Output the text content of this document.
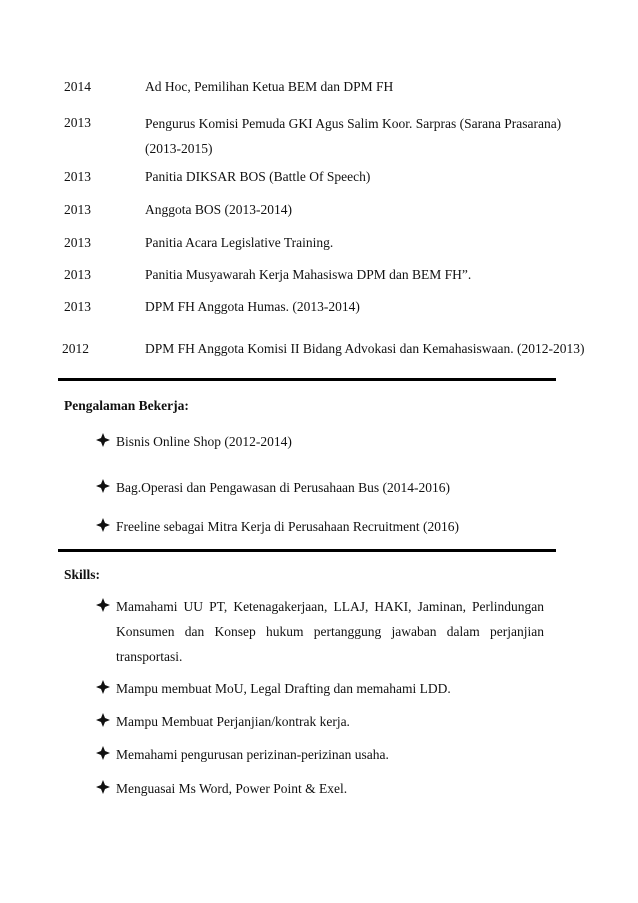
2014	Ad Hoc, Pemilihan Ketua BEM dan DPM FH
2013	Pengurus Komisi Pemuda GKI Agus Salim Koor. Sarpras (Sarana Prasarana) (2013-2015)
2013	Panitia DIKSAR BOS (Battle Of Speech)
2013	Anggota BOS (2013-2014)
2013	Panitia Acara Legislative Training.
2013	Panitia Musyawarah Kerja Mahasiswa DPM dan BEM FH”.
2013	DPM FH Anggota Humas. (2013-2014)
2012	DPM FH Anggota Komisi II Bidang Advokasi dan Kemahasiswaan. (2012-2013)
Pengalaman Bekerja:
Bisnis Online Shop (2012-2014)
Bag.Operasi dan Pengawasan di Perusahaan Bus (2014-2016)
Freeline sebagai Mitra Kerja di Perusahaan Recruitment (2016)
Skills:
Mamahami UU PT, Ketenagakerjaan, LLAJ, HAKI, Jaminan, Perlindungan
Konsumen dan Konsep hukum pertanggung jawaban dalam perjanjian
transportasi.
Mampu membuat MoU, Legal Drafting dan memahami LDD.
Mampu Membuat Perjanjian/kontrak kerja.
Memahami pengurusan perizinan-perizinan usaha.
Menguasai Ms Word, Power Point & Exel.
